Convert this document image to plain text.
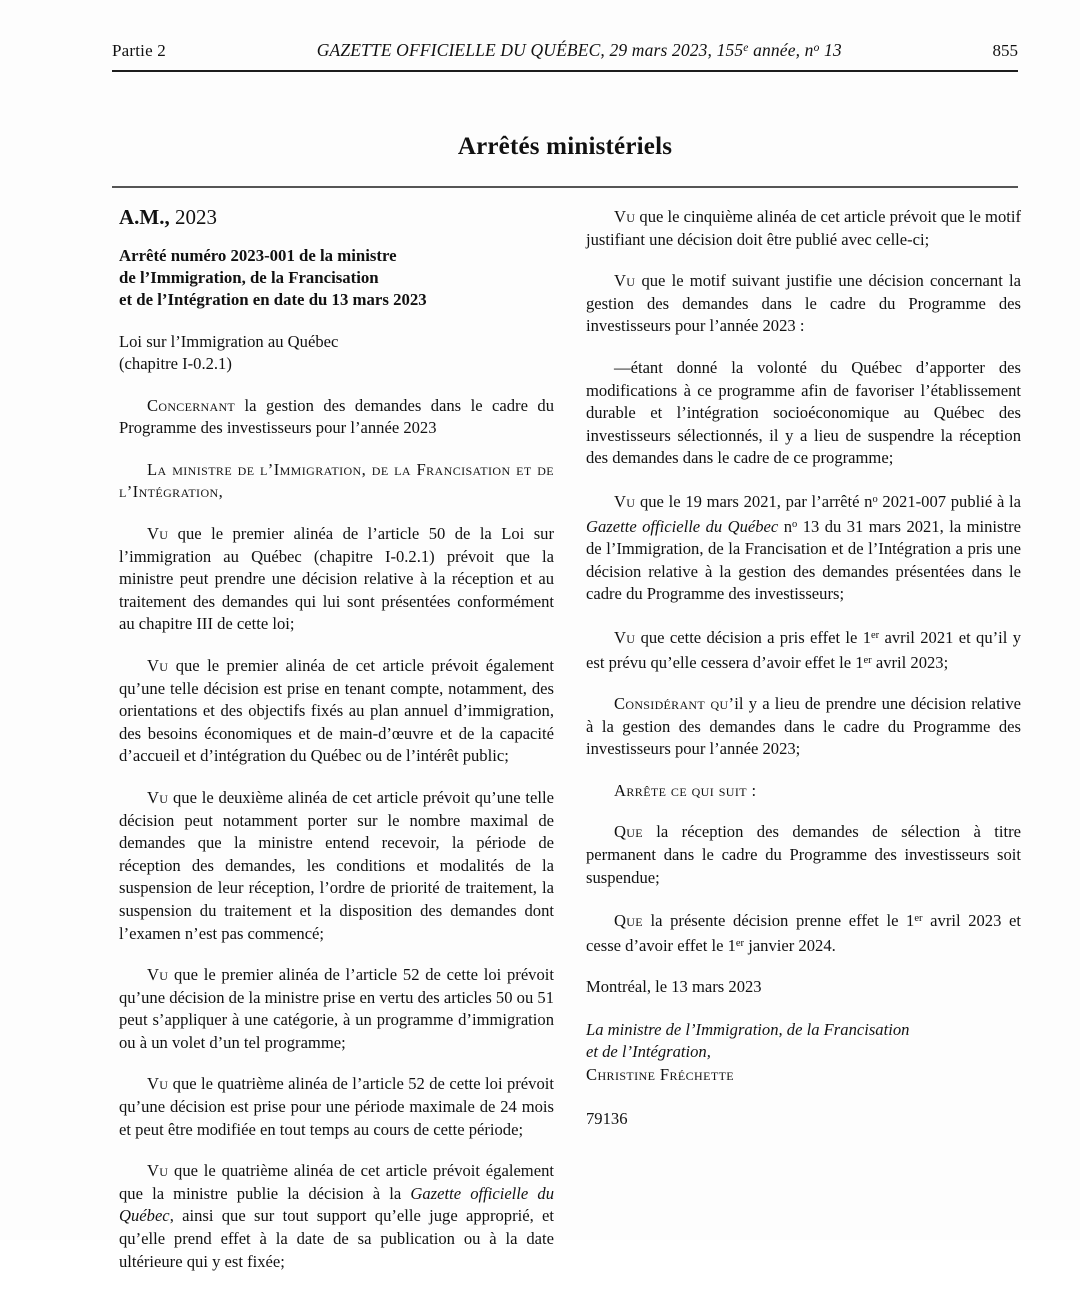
Partie 2	GAZETTE OFFICIELLE DU QUÉBEC, 29 mars 2023, 155e année, $n^o$ 13	855
Arrêtés ministériels

A.M., 2023

Arrêté numéro 2023-001 de la ministre
de l’Immigration, de la Francisation
et de l’Intégration en date du 13 mars 2023

Loi sur l’Immigration au Québec
(chapitre I-0.2.1)

Concernant la gestion des demandes dans le cadre du Programme des investisseurs pour l’année 2023

La ministre de l’Immigration, de la Francisation et de l’Intégration,

Vu que le premier alinéa de l’article 50 de la Loi sur l’immigration au Québec (chapitre I-0.2.1) prévoit que la ministre peut prendre une décision relative à la réception et au traitement des demandes qui lui sont présentées conformément au chapitre III de cette loi;

Vu que le premier alinéa de cet article prévoit également qu’une telle décision est prise en tenant compte, notamment, des orientations et des objectifs fixés au plan annuel d’immigration, des besoins économiques et de main-d’œuvre et de la capacité d’accueil et d’intégration du Québec ou de l’intérêt public;

Vu que le deuxième alinéa de cet article prévoit qu’une telle décision peut notamment porter sur le nombre maximal de demandes que la ministre entend recevoir, la période de réception des demandes, les conditions et modalités de la suspension de leur réception, l’ordre de priorité de traitement, la suspension du traitement et la disposition des demandes dont l’examen n’est pas commencé;

Vu que le premier alinéa de l’article 52 de cette loi prévoit qu’une décision de la ministre prise en vertu des articles 50 ou 51 peut s’appliquer à une catégorie, à un programme d’immigration ou à un volet d’un tel programme;

Vu que le quatrième alinéa de l’article 52 de cette loi prévoit qu’une décision est prise pour une période maximale de 24 mois et peut être modifiée en tout temps au cours de cette période;

Vu que le quatrième alinéa de cet article prévoit également que la ministre publie la décision à la Gazette officielle du Québec, ainsi que sur tout support qu’elle juge approprié, et qu’elle prend effet à la date de sa publication ou à la date ultérieure qui y est fixée;

Vu que le cinquième alinéa de cet article prévoit que le motif justifiant une décision doit être publié avec celle-ci;

Vu que le motif suivant justifie une décision concernant la gestion des demandes dans le cadre du Programme des investisseurs pour l’année 2023 :

—étant donné la volonté du Québec d’apporter des modifications à ce programme afin de favoriser l’établissement durable et l’intégration socioéconomique au Québec des investisseurs sélectionnés, il y a lieu de suspendre la réception des demandes dans le cadre de ce programme;

Vu que le 19 mars 2021, par l’arrêté $n^o$ 2021-007 publié à la Gazette officielle du Québec $n^o$ 13 du 31 mars 2021, la ministre de l’Immigration, de la Francisation et de l’Intégration a pris une décision relative à la gestion des demandes présentées dans le cadre du Programme des investisseurs;

Vu que cette décision a pris effet le 1er avril 2021 et qu’il y est prévu qu’elle cessera d’avoir effet le 1er avril 2023;

Considérant qu’il y a lieu de prendre une décision relative à la gestion des demandes dans le cadre du Programme des investisseurs pour l’année 2023;

Arrête ce qui suit :

Que la réception des demandes de sélection à titre permanent dans le cadre du Programme des investisseurs soit suspendue;

Que la présente décision prenne effet le 1er avril 2023 et cesse d’avoir effet le 1er janvier 2024.

Montréal, le 13 mars 2023

La ministre de l’Immigration, de la Francisation
et de l’Intégration,

Christine Fréchette

79136
